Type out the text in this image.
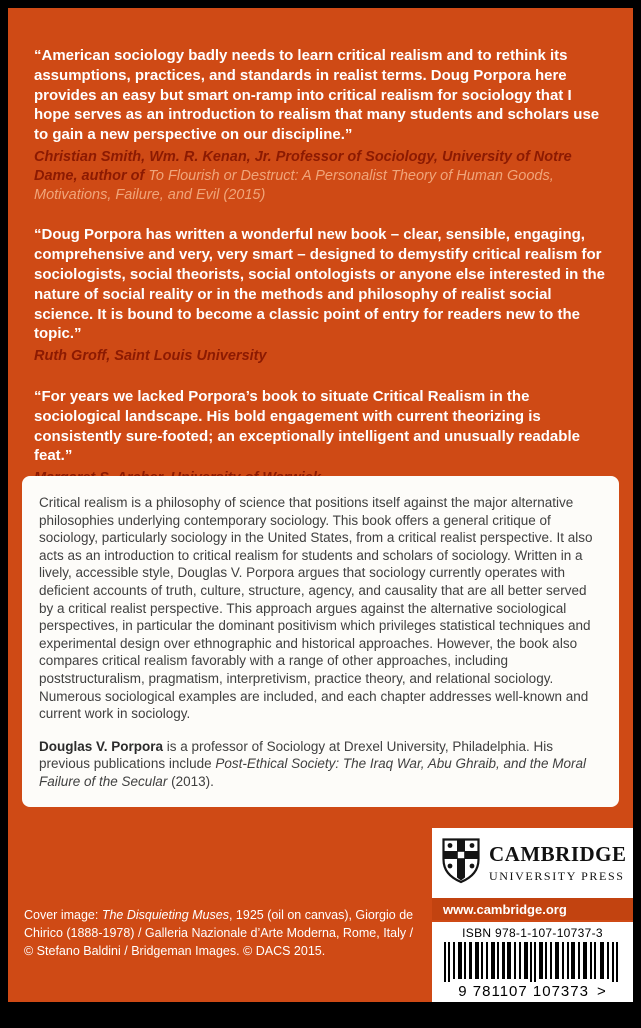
“American sociology badly needs to learn critical realism and to rethink its assumptions, practices, and standards in realist terms. Doug Porpora here provides an easy but smart on-ramp into critical realism for sociology that I hope serves as an introduction to realism that many students and scholars use to gain a new perspective on our discipline.”

Christian Smith, Wm. R. Kenan, Jr. Professor of Sociology, University of Notre Dame, author of To Flourish or Destruct: A Personalist Theory of Human Goods, Motivations, Failure, and Evil (2015)

“Doug Porpora has written a wonderful new book – clear, sensible, engaging, comprehensive and very, very smart – designed to demystify critical realism for sociologists, social theorists, social ontologists or anyone else interested in the nature of social reality or in the methods and philosophy of realist social science. It is bound to become a classic point of entry for readers new to the topic.”

Ruth Groff, Saint Louis University

“For years we lacked Porpora’s book to situate Critical Realism in the sociological landscape. His bold engagement with current theorizing is consistently sure-footed; an exceptionally intelligent and unusually readable feat.”

Critical realism is a philosophy of science that positions itself against the major alternative philosophies underlying contemporary sociology. This book offers a general critique of sociology, particularly sociology in the United States, from a critical realist perspective. It also acts as an introduction to critical realism for students and scholars of sociology. Written in a lively, accessible style, Douglas V. Porpora argues that sociology currently operates with deficient accounts of truth, culture, structure, agency, and causality that are all better served by a critical realist perspective. This approach argues against the alternative sociological perspectives, in particular the dominant positivism which privileges statistical techniques and experimental design over ethnographic and historical approaches. However, the book also compares critical realism favorably with a range of other approaches, including poststructuralism, pragmatism, interpretivism, practice theory, and relational sociology. Numerous sociological examples are included, and each chapter addresses well-known and current work in sociology.

Douglas V. Porpora is a professor of Sociology at Drexel University, Philadelphia. His previous publications include Post-Ethical Society: The Iraq War, Abu Ghraib, and the Moral Failure of the Secular (2013).

Cover image: The Disquieting Muses, 1925 (oil on canvas), Giorgio de Chirico (1888-1978) / Galleria Nazionale d’Arte Moderna, Rome, Italy / © Stefano Baldini / Bridgeman Images. © DACS 2015.

CAMBRIDGE
UNIVERSITY PRESS
www.cambridge.org
ISBN 978-1-107-10737-3
9 781107 107373 >
